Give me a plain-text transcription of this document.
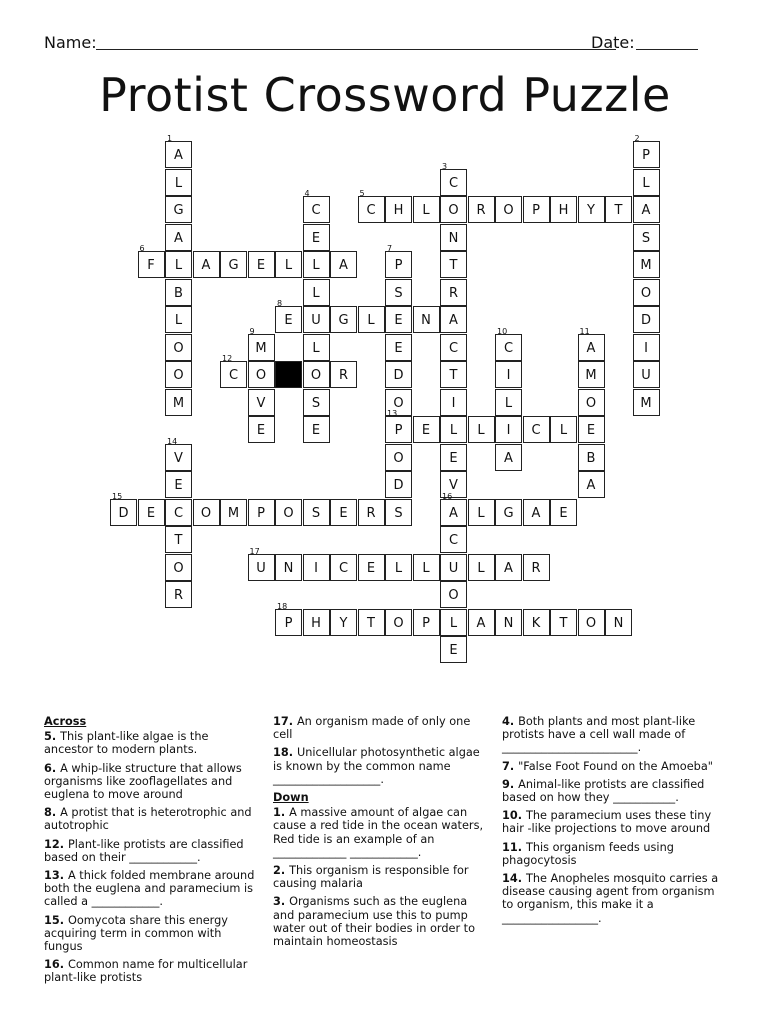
Name:	Date:
Protist Crossword Puzzle
1
A
L
G
A
L
B
L
O
O
M
2
P
L
A
S
M
O
D
I
U
M
3
C
O
N
T
R
A
C
T
I
L
E
V
16
A
C
U
O
L
E
4
C
E
L
L
U
L
O
S
E
5
C	H	L	R	O	P	H	Y	T
6
F	A	G	E	L	A
7
P
S
E
E
D
O
13
P
O
D
8
E	G	L	N
9
M
O
V
E
10
C
I
L
I
A
11
A
M
O
E
B
A
12
C	R
E	L	C	L
14
V
E
C
T
O
R
15
D	E	O	M	P	O	S	E	R	S	L	G	A	E
17
U	N	I	C	E	L	L	L	A	R
18
P	H	Y	T	O	P	A	N	K	T	O	N
Across
5. This plant-like algae is the ancestor to modern plants.
6. A whip-like structure that allows organisms like zooflagellates and euglena to move around
8. A protist that is heterotrophic and autotrophic
12. Plant-like protists are classified based on their ____________.
13. A thick folded membrane around both the euglena and paramecium is called a ____________.
15. Oomycota share this energy acquiring term in common with fungus
16. Common name for multicellular plant-like protists
17. An organism made of only one cell
18. Unicellular photosynthetic algae is known by the common name ___________________.
Down
1. A massive amount of algae can cause a red tide in the ocean waters, Red tide is an example of an _____________ ____________.
2. This organism is responsible for causing malaria
3. Organisms such as the euglena and paramecium use this to pump water out of their bodies in order to maintain homeostasis
4. Both plants and most plant-like protists have a cell wall made of ________________________.
7. "False Foot Found on the Amoeba"
9. Animal-like protists are classified based on how they ___________.
10. The paramecium uses these tiny hair -like projections to move around
11. This organism feeds using phagocytosis
14. The Anopheles mosquito carries a disease causing agent from organism to organism, this make it a _________________.
